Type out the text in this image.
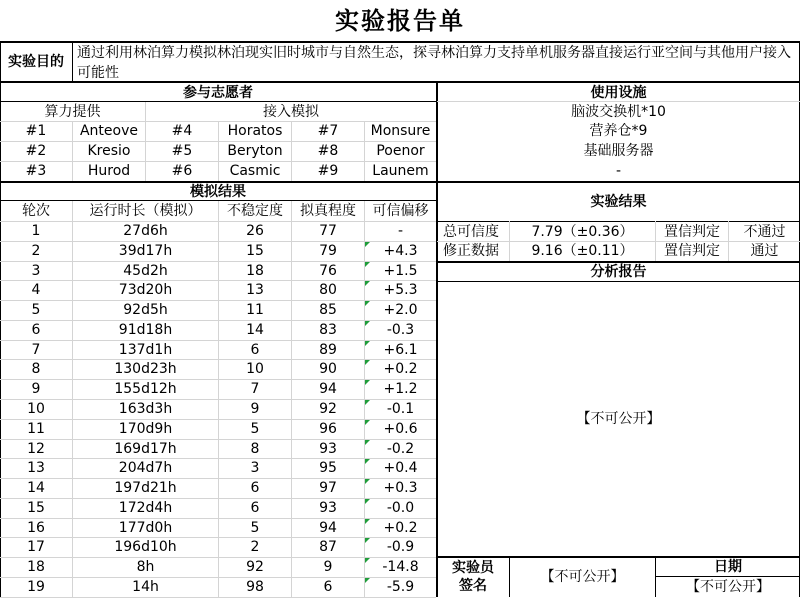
实验报告单
实验目的
通过利用林泊算力模拟林泊现实旧时城市与自然生态，探寻林泊算力支持单机服务器直接运行亚空间与其他用户接入可能性
参与志愿者	使用设施
算力提供	接入模拟	脑波交换机*10
营养仓*9
基础服务器
-
#1	Anteove	#4	Horatos	#7	Monsure
#2	Kresio	#5	Beryton	#8	Poenor
#3	Hurod	#6	Casmic	#9	Launem
模拟结果
轮次	运行时长（模拟）	不稳定度	拟真程度	可信偏移
1	27d6h	26	77	-
2	39d17h	15	79	+4.3
3	45d2h	18	76	+1.5
4	73d20h	13	80	+5.3
5	92d5h	11	85	+2.0
6	91d18h	14	83	-0.3
7	137d1h	6	89	+6.1
8	130d23h	10	90	+0.2
9	155d12h	7	94	+1.2
10	163d3h	9	92	-0.1
11	170d9h	5	96	+0.6
12	169d17h	8	93	-0.2
13	204d7h	3	95	+0.4
14	197d21h	6	97	+0.3
15	172d4h	6	93	-0.0
16	177d0h	5	94	+0.2
17	196d10h	2	87	-0.9
18	8h	92	9	-14.8
19	14h	98	6	-5.9
实验结果
总可信度	7.79（±0.36）	置信判定	不通过
修正数据	9.16（±0.11）	置信判定	通过
分析报告
【不可公开】
实验员
签名
【不可公开】
日期
【不可公开】
